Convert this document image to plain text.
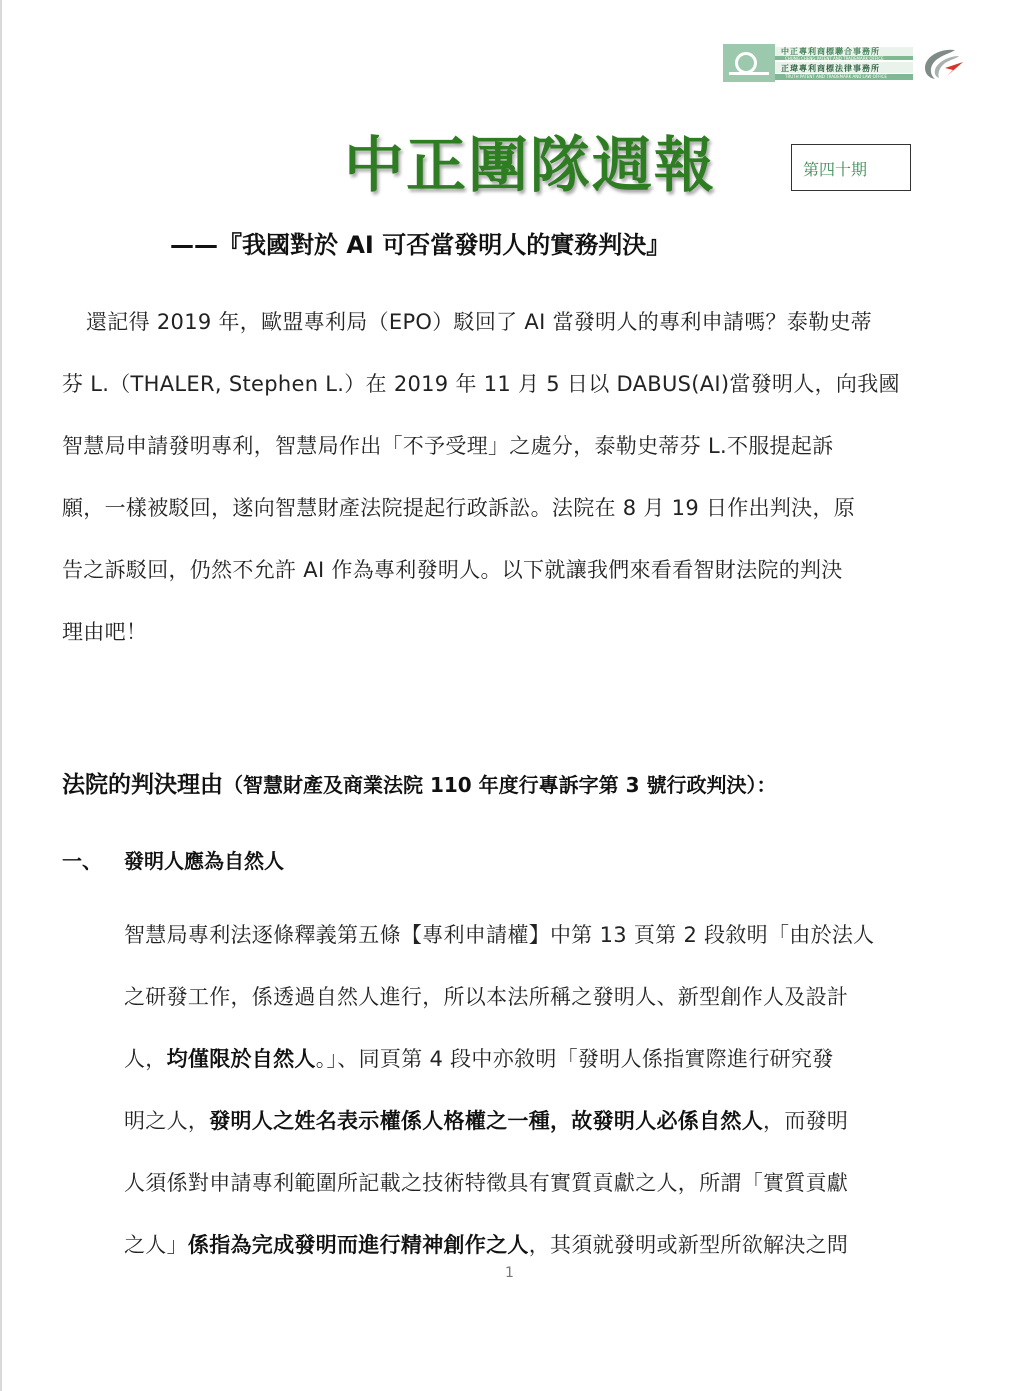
中正專利商標聯合事務所
CHUNG CHENG PATENT AND TRADEMARK OFFICE
正瑋專利商標法律事務所
TRUTH PATENT AND TRADEMARK AND LAW OFFICE
中正團隊週報	第四十期
——『我國對於 AI 可否當發明人的實務判決』
還記得 2019 年，歐盟專利局（EPO）駁回了 AI 當發明人的專利申請嗎？泰勒史蒂
芬 L.（THALER, Stephen L.）在 2019 年 11 月 5 日以 DABUS(AI)當發明人，向我國
智慧局申請發明專利，智慧局作出「不予受理」之處分，泰勒史蒂芬 L.不服提起訴
願，一樣被駁回，遂向智慧財產法院提起行政訴訟。法院在 8 月 19 日作出判決，原
告之訴駁回，仍然不允許 AI 作為專利發明人。以下就讓我們來看看智財法院的判決
理由吧！
法院的判決理由（智慧財產及商業法院 110 年度行專訴字第 3 號行政判決）：
一、 發明人應為自然人
智慧局專利法逐條釋義第五條【專利申請權】中第 13 頁第 2 段敘明「由於法人
之研發工作，係透過自然人進行，所以本法所稱之發明人、新型創作人及設計
人，均僅限於自然人。」、同頁第 4 段中亦敘明「發明人係指實際進行研究發
明之人，發明人之姓名表示權係人格權之一種，故發明人必係自然人，而發明
人須係對申請專利範圍所記載之技術特徵具有實質貢獻之人，所謂「實質貢獻
之人」係指為完成發明而進行精神創作之人，其須就發明或新型所欲解決之問
1
